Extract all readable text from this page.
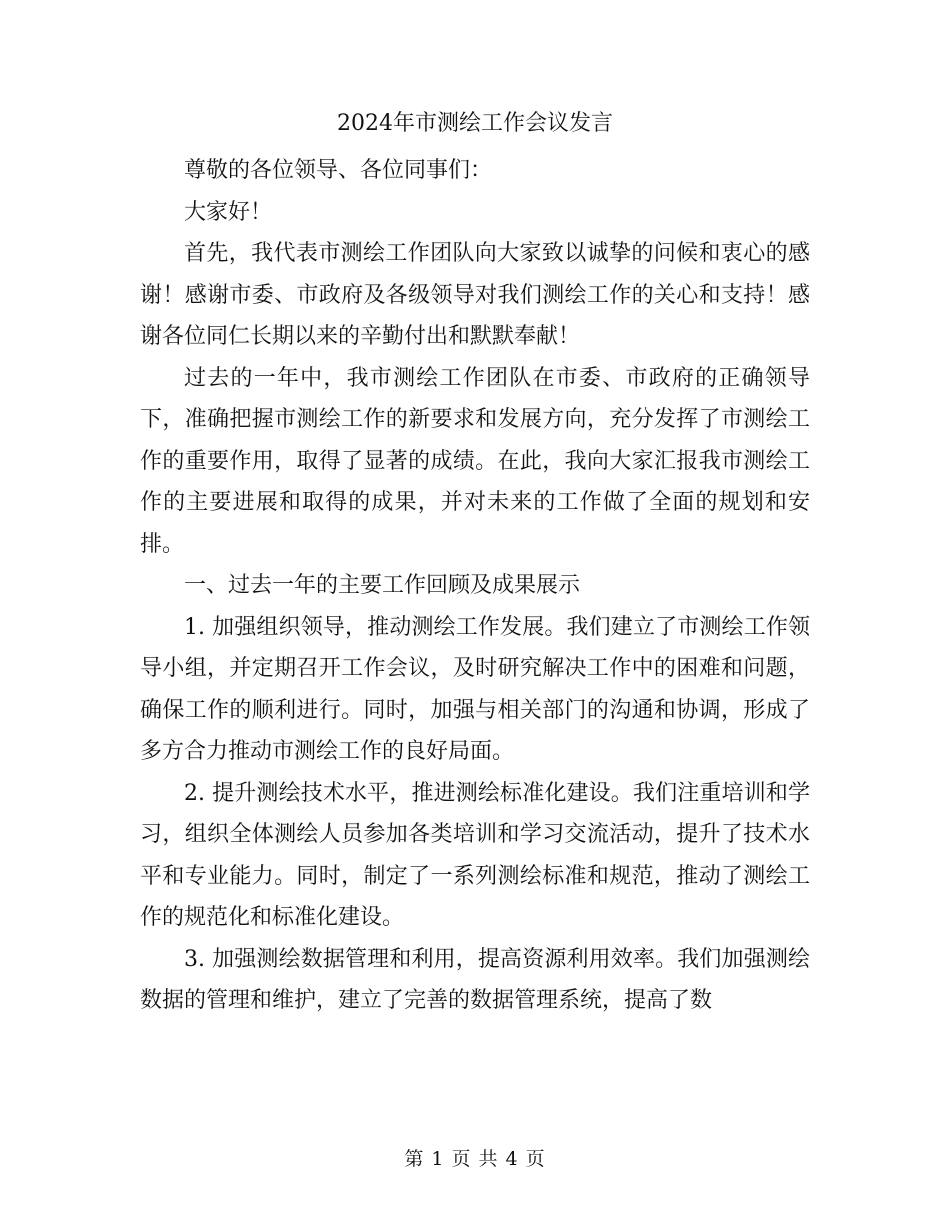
2024年市测绘工作会议发言

尊敬的各位领导、各位同事们：

大家好！

首先，我代表市测绘工作团队向大家致以诚挚的问候和衷心的感谢！感谢市委、市政府及各级领导对我们测绘工作的关心和支持！感谢各位同仁长期以来的辛勤付出和默默奉献！

过去的一年中，我市测绘工作团队在市委、市政府的正确领导下，准确把握市测绘工作的新要求和发展方向，充分发挥了市测绘工作的重要作用，取得了显著的成绩。在此，我向大家汇报我市测绘工作的主要进展和取得的成果，并对未来的工作做了全面的规划和安排。

一、过去一年的主要工作回顾及成果展示

1. 加强组织领导，推动测绘工作发展。我们建立了市测绘工作领导小组，并定期召开工作会议，及时研究解决工作中的困难和问题，确保工作的顺利进行。同时，加强与相关部门的沟通和协调，形成了多方合力推动市测绘工作的良好局面。

2. 提升测绘技术水平，推进测绘标准化建设。我们注重培训和学习，组织全体测绘人员参加各类培训和学习交流活动，提升了技术水平和专业能力。同时，制定了一系列测绘标准和规范，推动了测绘工作的规范化和标准化建设。

3. 加强测绘数据管理和利用，提高资源利用效率。我们加强测绘数据的管理和维护，建立了完善的数据管理系统，提高了数

第 1 页 共 4 页
